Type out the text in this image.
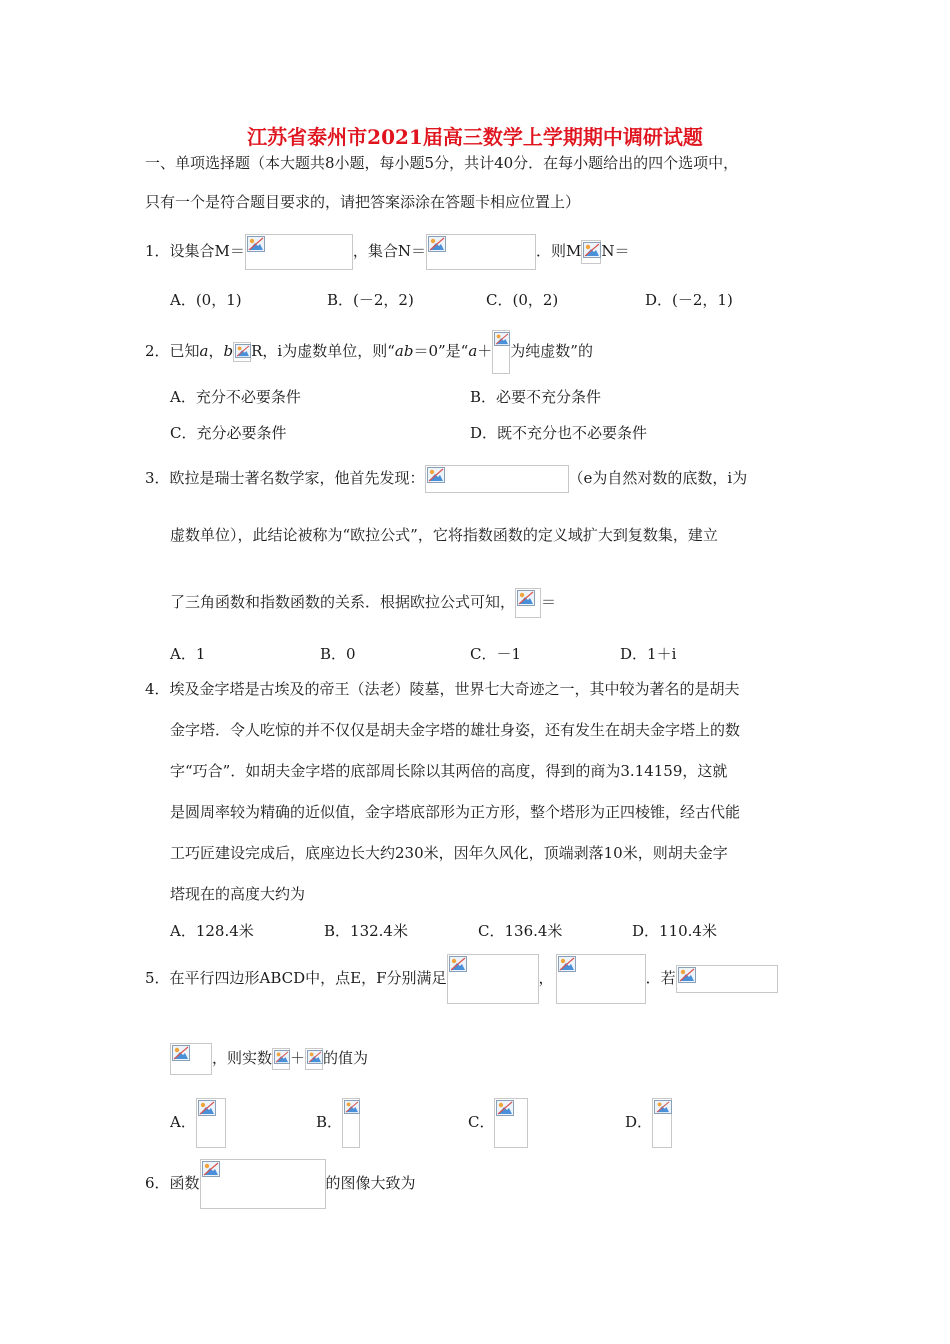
江苏省泰州市2021届高三数学上学期期中调研试题
一、单项选择题（本大题共8小题，每小题5分，共计40分．在每小题给出的四个选项中，
只有一个是符合题目要求的，请把答案添涂在答题卡相应位置上）
1．设集合M＝	，集合N＝	．则M N＝
A．(0，1)	B．(－2，2)	C．(0，2)	D．(－2，1)
2．已知a，b R，i为虚数单位，则“ab＝0”是“a＋ 为纯虚数”的
A．充分不必要条件	B．必要不充分条件
C．充分必要条件	D．既不充分也不必要条件
3．欧拉是瑞士著名数学家，他首先发现：	（e为自然对数的底数，i为
虚数单位），此结论被称为“欧拉公式”，它将指数函数的定义域扩大到复数集，建立
了三角函数和指数函数的关系．根据欧拉公式可知， ＝
A．1	B．0	C．－1	D．1＋i
4．埃及金字塔是古埃及的帝王（法老）陵墓，世界七大奇迹之一，其中较为著名的是胡夫
金字塔．令人吃惊的并不仅仅是胡夫金字塔的雄壮身姿，还有发生在胡夫金字塔上的数
字“巧合”．如胡夫金字塔的底部周长除以其两倍的高度，得到的商为3.14159，这就
是圆周率较为精确的近似值，金字塔底部形为正方形，整个塔形为正四棱锥，经古代能
工巧匠建设完成后，底座边长大约230米，因年久风化，顶端剥落10米，则胡夫金字
塔现在的高度大约为
A．128.4米	B．132.4米	C．136.4米	D．110.4米
5．在平行四边形ABCD中，点E，F分别满足	，	．若
，则实数 ＋ 的值为
A．	B．	C．	D．
6．函数	的图像大致为
